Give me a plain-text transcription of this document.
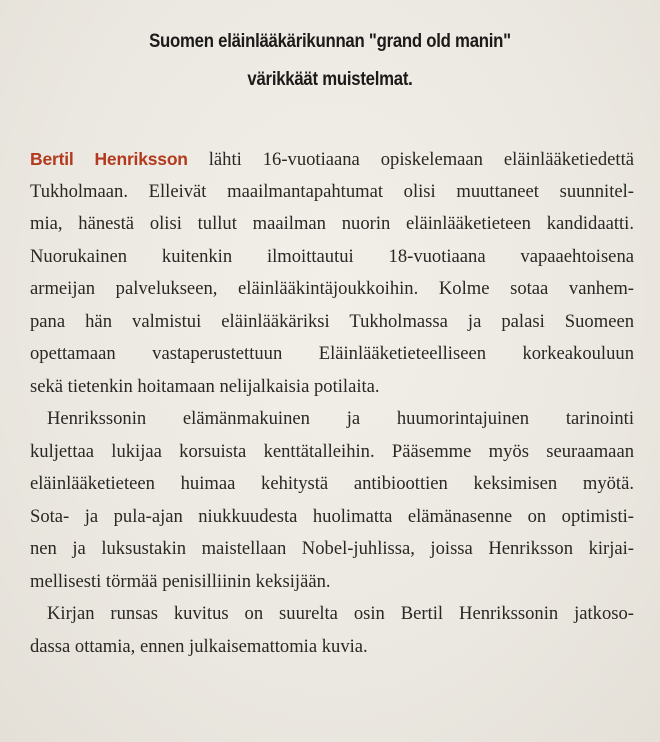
Suomen eläinlääkärikunnan "grand old manin"
värikkäät muistelmat.
Bertil Henriksson lähti 16-vuotiaana opiskelemaan eläinlääketiedettä
Tukholmaan. Elleivät maailmantapahtumat olisi muuttaneet suunnitel-
mia, hänestä olisi tullut maailman nuorin eläinlääketieteen kandidaatti.
Nuorukainen kuitenkin ilmoittautui 18-vuotiaana vapaaehtoisena
armeijan palvelukseen, eläinlääkintäjoukkoihin. Kolme sotaa vanhem-
pana hän valmistui eläinlääkäriksi Tukholmassa ja palasi Suomeen
opettamaan vastaperustettuun Eläinlääketieteelliseen korkeakouluun
sekä tietenkin hoitamaan nelijalkaisia potilaita.
Henrikssonin elämänmakuinen ja huumorintajuinen tarinointi
kuljettaa lukijaa korsuista kenttätalleihin. Pääsemme myös seuraamaan
eläinlääketieteen huimaa kehitystä antibioottien keksimisen myötä.
Sota- ja pula-ajan niukkuudesta huolimatta elämänasenne on optimisti-
nen ja luksustakin maistellaan Nobel-juhlissa, joissa Henriksson kirjai-
mellisesti törmää penisilliinin keksijään.
Kirjan runsas kuvitus on suurelta osin Bertil Henrikssonin jatkoso-
dassa ottamia, ennen julkaisemattomia kuvia.
